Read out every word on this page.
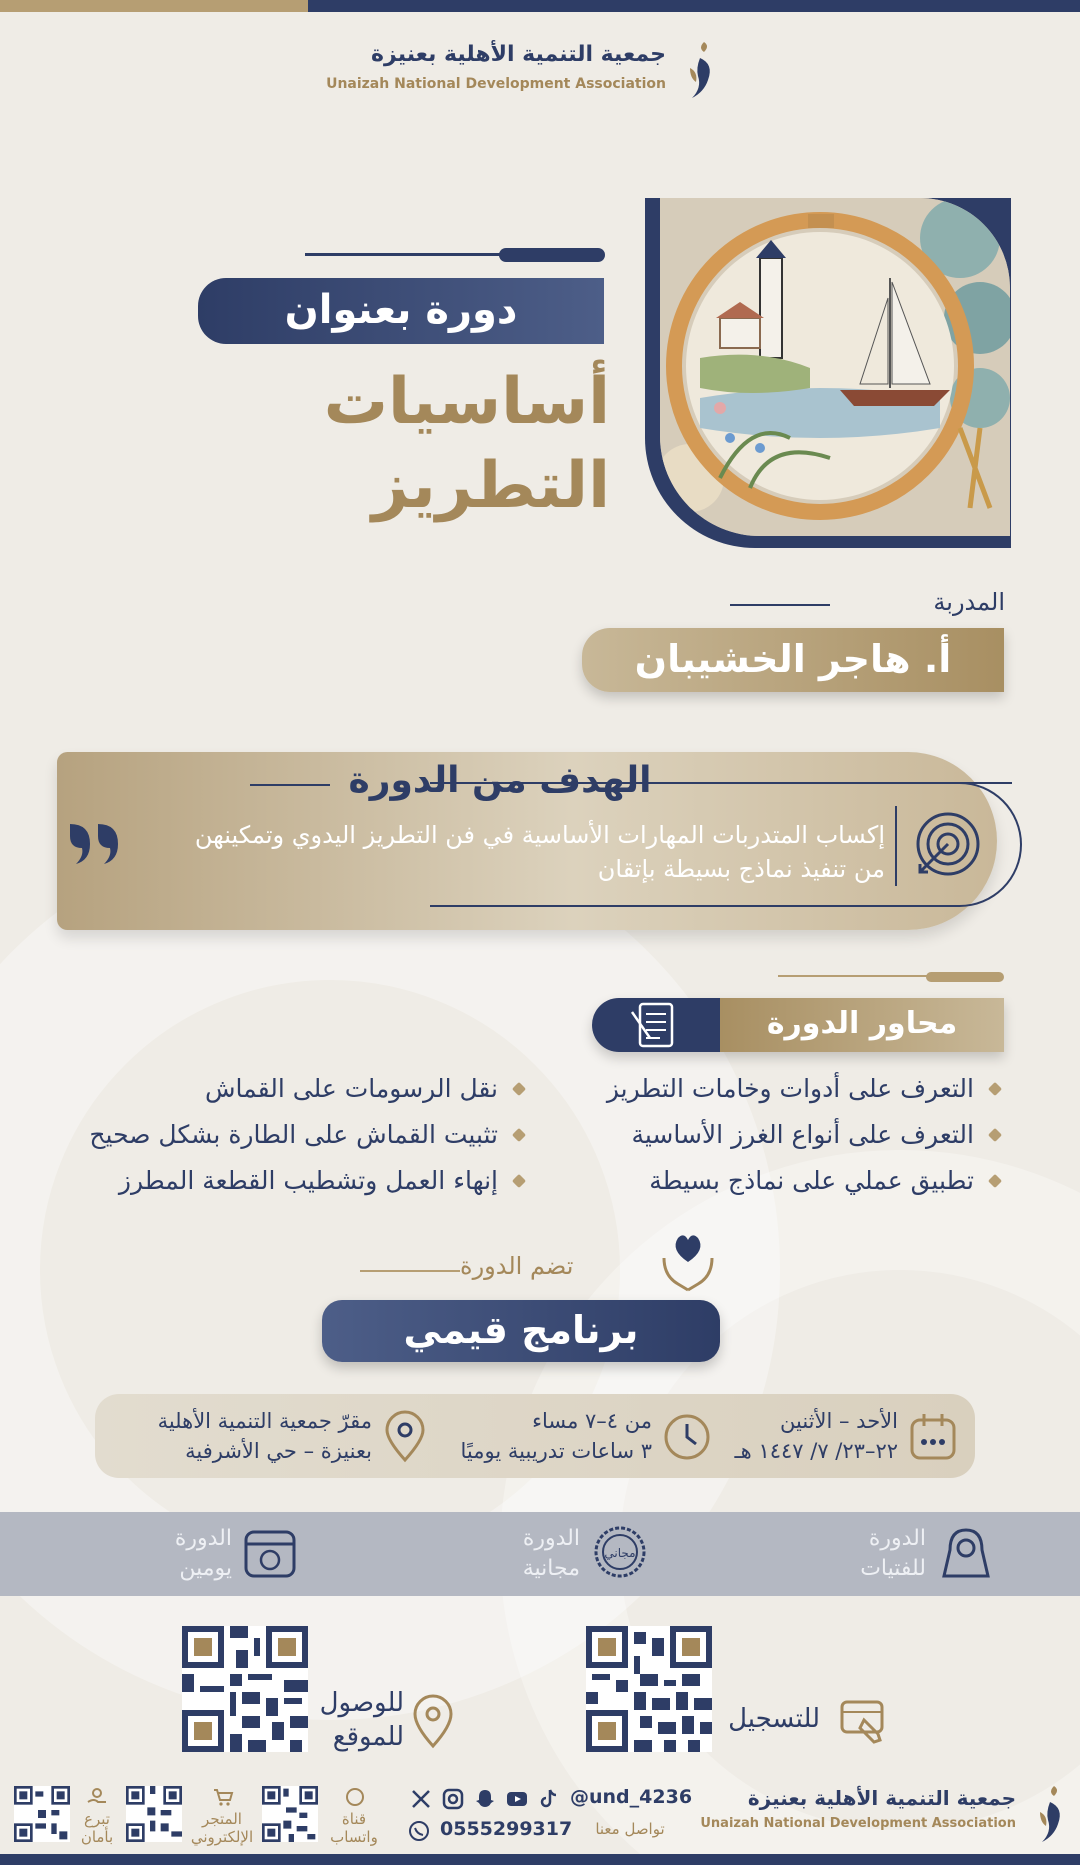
جمعية التنمية الأهلية بعنيزة
Unaizah National Development Association
دورة بعنوان
أساسيات
التطريز
المدربة
أ. هاجر الخشيبان
الهدف من الدورة
إكساب المتدربات المهارات الأساسية في فن التطريز اليدوي وتمكينهن
من تنفيذ نماذج بسيطة بإتقان
محاور الدورة
التعرف على أدوات وخامات التطريز
التعرف على أنواع الغرز الأساسية
تطبيق عملي على نماذج بسيطة
نقل الرسومات على القماش
تثبيت القماش على الطارة بشكل صحيح
إنهاء العمل وتشطيب القطعة المطرز
تضم الدورة
برنامج قيمي
الأحد – الأثنين
٢٢–٢٣/ ٧/ ١٤٤٧ هـ
من ٤–٧ مساء
٣ ساعات تدريبية يوميًا
مقرّ جمعية التنمية الأهلية
بعنيزة – حي الأشرفية
الدورة
للفتيات
مجاني
الدورة
مجانية
الدورة
يومين
للتسجيل
للوصول
للموقع
جمعية التنمية الأهلية بعنيزة
Unaizah National Development Association
@und_4236
تواصل معنا
0555299317
قناة
واتساب
المتجر
الإلكتروني
تبرع
بأمان
